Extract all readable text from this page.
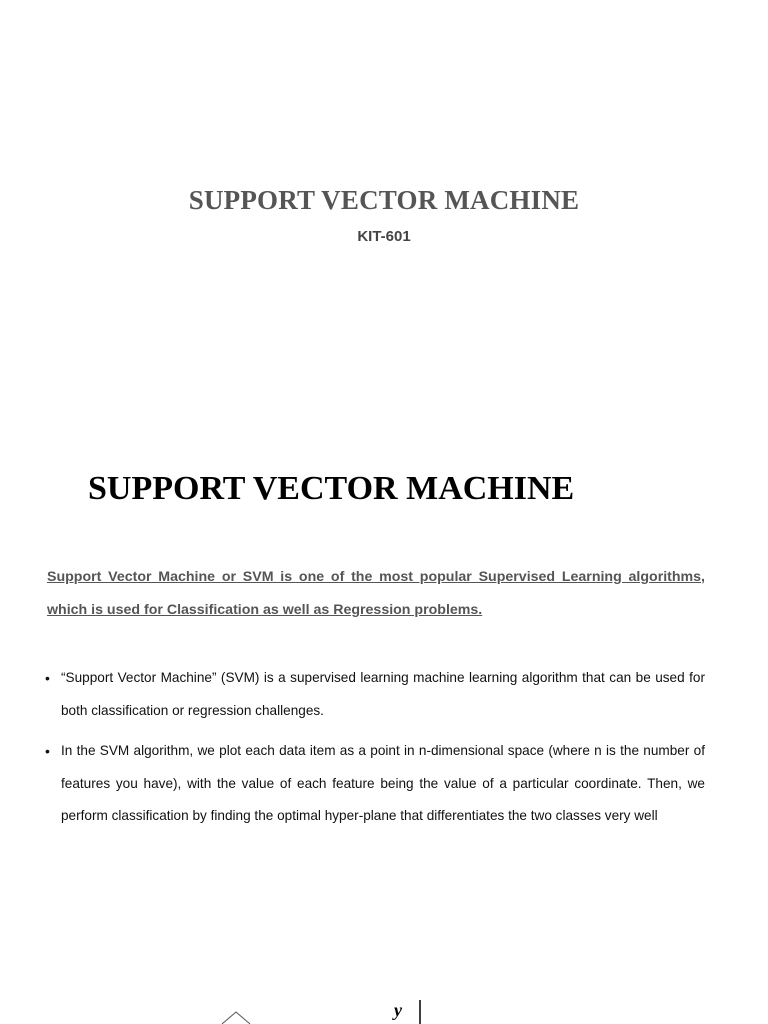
SUPPORT VECTOR MACHINE
KIT-601
SUPPORT VECTOR MACHINE

Support Vector Machine or SVM is one of the most popular Supervised Learning algorithms, which is used for Classification as well as Regression problems.

• “Support Vector Machine” (SVM) is a supervised learning machine learning algorithm that can be used for both classification or regression challenges.
• In the SVM algorithm, we plot each data item as a point in n-dimensional space (where n is the number of features you have), with the value of each feature being the value of a particular coordinate. Then, we perform classification by finding the optimal hyper-plane that differentiates the two classes very well
y
